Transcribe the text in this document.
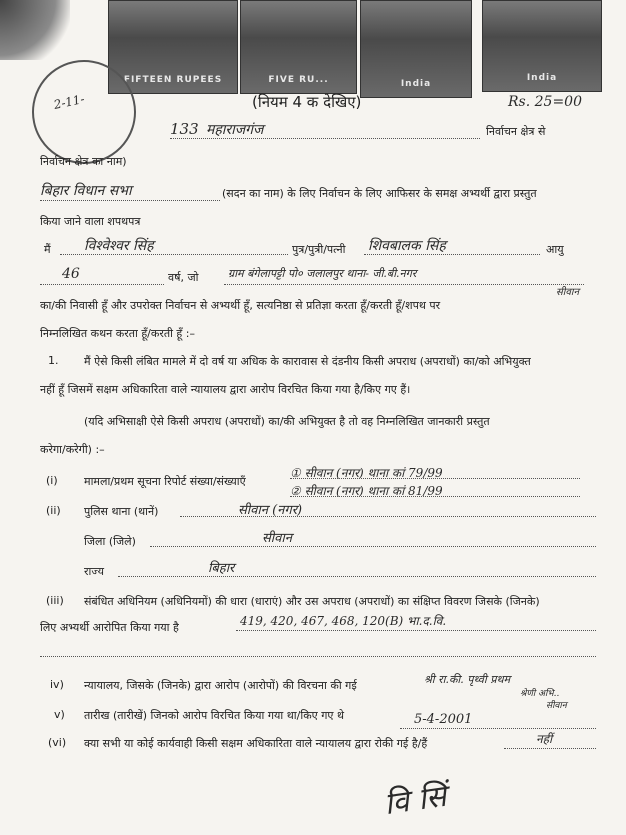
FIFTEEN RUPEES	FIVE RU...	India
India
2-11-	Rs. 25=00
(नियम 4 क देखिए)
133 महाराजगंज	निर्वाचन क्षेत्र से
निर्वाचन क्षेत्र का नाम)
बिहार विधान सभा	(सदन का नाम) के लिए निर्वाचन के लिए आफिसर के समक्ष अभ्यर्थी द्वारा प्रस्तुत
किया जाने वाला शपथपत्र
मैं विश्वेश्वर सिंह	पुत्र/पुत्री/पत्नी शिवबालक सिंह	आयु
46	वर्ष, जो	ग्राम बंगेलापट्टी पो० जलालपुर थाना- जी.बी.नगर
सीवान
का/की निवासी हूँ और उपरोक्त निर्वाचन से अभ्यर्थी हूँ, सत्यनिष्ठा से प्रतिज्ञा करता हूँ/करती हूँ/शपथ पर
निम्नलिखित कथन करता हूँ/करती हूँ :–
1. मैं ऐसे किसी लंबित मामले में दो वर्ष या अधिक के कारावास से दंडनीय किसी अपराध (अपराधों) का/को अभियुक्त
नहीं हूँ जिसमें सक्षम अधिकारिता वाले न्यायालय द्वारा आरोप विरचित किया गया है/किए गए हैं।
(यदि अभिसाक्षी ऐसे किसी अपराध (अपराधों) का/की अभियुक्त है तो वह निम्नलिखित जानकारी प्रस्तुत
करेगा/करेगी) :–
(i) मामला/प्रथम सूचना रिपोर्ट संख्या/संख्याएँ
① सीवान (नगर) थाना कां 79/99
② सीवान (नगर) थाना कां 81/99
(ii) पुलिस थाना (थानें)	सीवान (नगर)
जिला (जिले)	सीवान
राज्य	बिहार
(iii) संबंधित अधिनियम (अधिनियमों) की धारा (धाराएं) और उस अपराध (अपराधों) का संक्षिप्त विवरण जिसके (जिनके)
लिए अभ्यर्थी आरोपित किया गया है	419, 420, 467, 468, 120(B) भा.द.वि.
iv) न्यायालय, जिसके (जिनके) द्वारा आरोप (आरोपों) की विरचना की गई	श्री रा.की. पृथ्वी प्रथम
श्रेणी अभि..
सीवान
v) तारीख (तारीखें) जिनको आरोप विरचित किया गया था/किए गए थे	5-4-2001
(vi) क्या सभी या कोई कार्यवाही किसी सक्षम अधिकारिता वाले न्यायालय द्वारा रोकी गई है/हैं	नहीं
वि सिं
